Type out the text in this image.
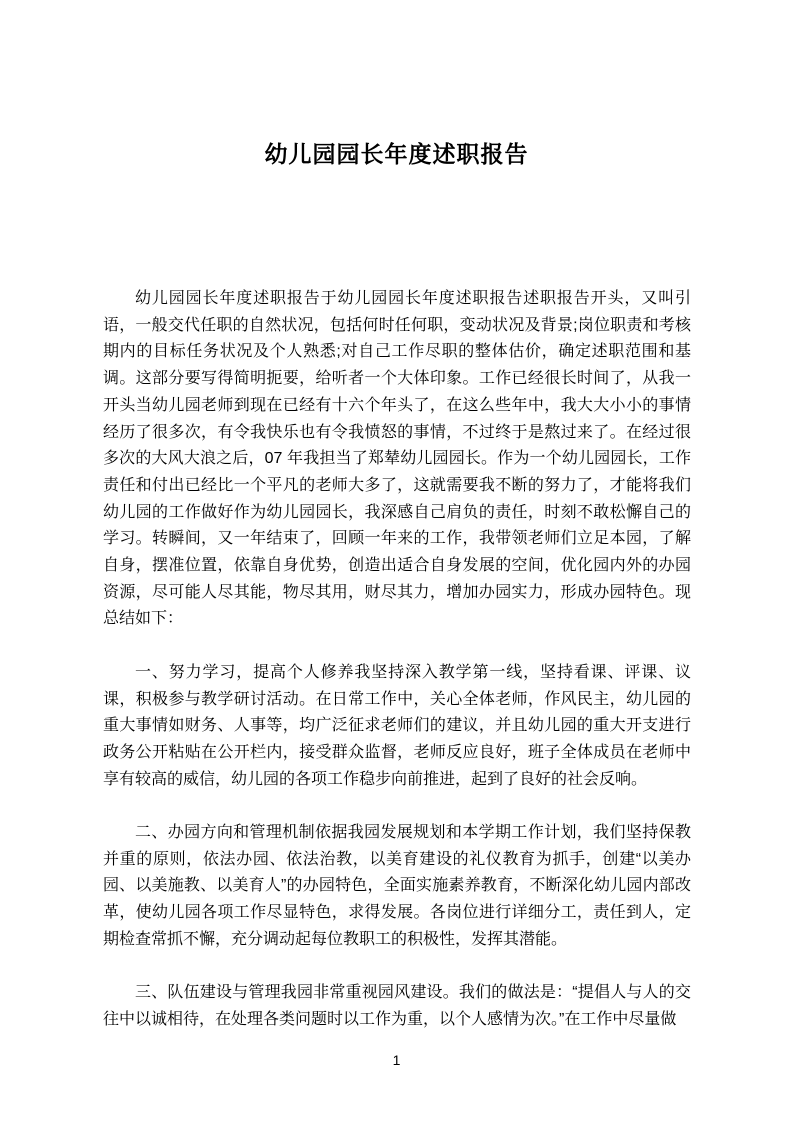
幼儿园园长年度述职报告

幼儿园园长年度述职报告于幼儿园园长年度述职报告述职报告开头，又叫引语，一般交代任职的自然状况，包括何时任何职，变动状况及背景;岗位职责和考核期内的目标任务状况及个人熟悉;对自己工作尽职的整体估价，确定述职范围和基调。这部分要写得简明扼要，给听者一个大体印象。工作已经很长时间了，从我一开头当幼儿园老师到现在已经有十六个年头了，在这么些年中，我大大小小的事情经历了很多次，有令我快乐也有令我愤怒的事情，不过终于是熬过来了。在经过很多次的大风大浪之后，07 年我担当了郑辇幼儿园园长。作为一个幼儿园园长，工作责任和付出已经比一个平凡的老师大多了，这就需要我不断的努力了，才能将我们幼儿园的工作做好作为幼儿园园长，我深感自己肩负的责任，时刻不敢松懈自己的学习。转瞬间，又一年结束了，回顾一年来的工作，我带领老师们立足本园，了解自身，摆准位置，依靠自身优势，创造出适合自身发展的空间，优化园内外的办园资源，尽可能人尽其能，物尽其用，财尽其力，增加办园实力，形成办园特色。现总结如下：

一、努力学习，提高个人修养我坚持深入教学第一线，坚持看课、评课、议课，积极参与教学研讨活动。在日常工作中，关心全体老师，作风民主，幼儿园的重大事情如财务、人事等，均广泛征求老师们的建议，并且幼儿园的重大开支进行政务公开粘贴在公开栏内，接受群众监督，老师反应良好，班子全体成员在老师中享有较高的威信，幼儿园的各项工作稳步向前推进，起到了良好的社会反响。

二、办园方向和管理机制依据我园发展规划和本学期工作计划，我们坚持保教并重的原则，依法办园、依法治教，以美育建设的礼仪教育为抓手，创建“以美办园、以美施教、以美育人”的办园特色，全面实施素养教育，不断深化幼儿园内部改革，使幼儿园各项工作尽显特色，求得发展。各岗位进行详细分工，责任到人，定期检查常抓不懈，充分调动起每位教职工的积极性，发挥其潜能。

三、队伍建设与管理我园非常重视园风建设。我们的做法是：“提倡人与人的交往中以诚相待，在处理各类问题时以工作为重，以个人感情为次。”在工作中尽量做

1
